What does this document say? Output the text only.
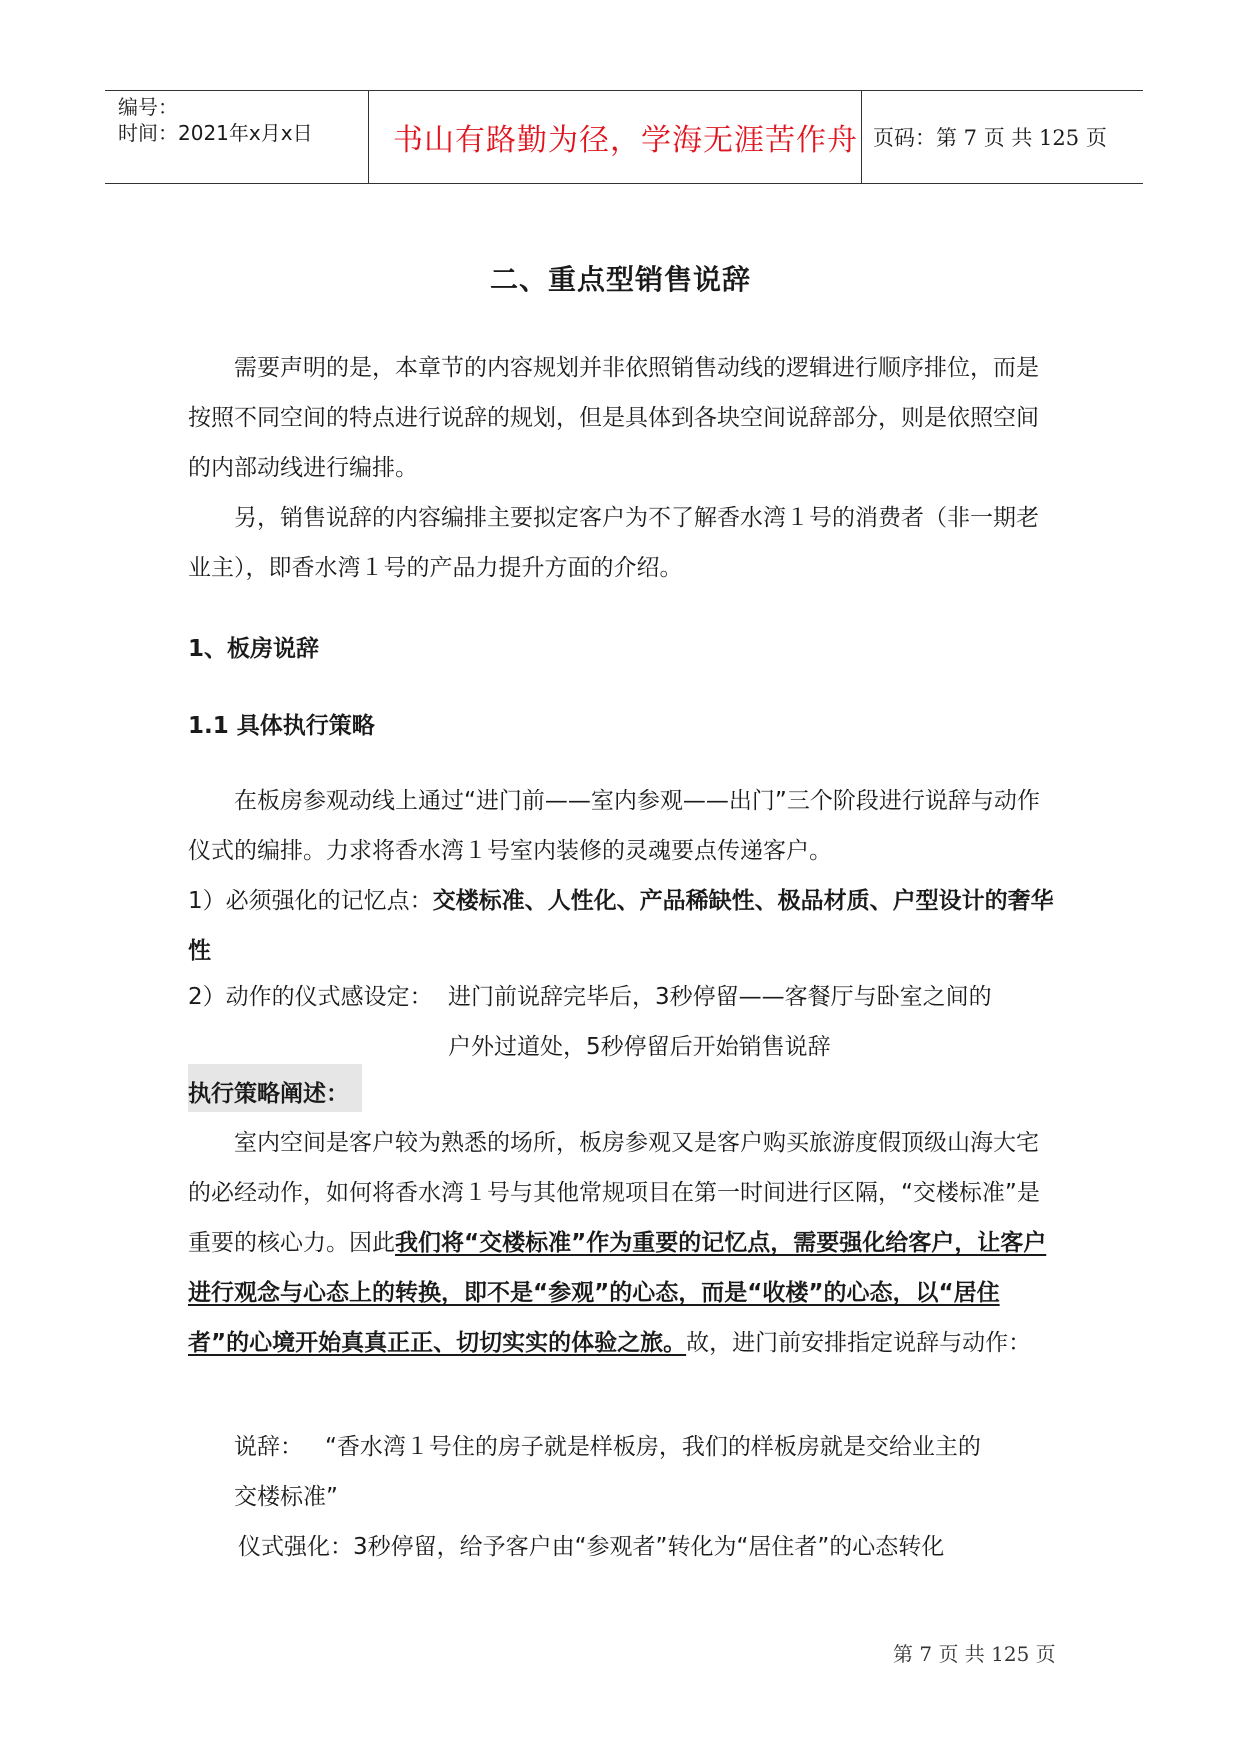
编号：
时间：2021年x月x日	书山有路勤为径，学海无涯苦作舟 页码：第 7 页 共 125 页
二、重点型销售说辞
需要声明的是，本章节的内容规划并非依照销售动线的逻辑进行顺序排位，而是按照不同空间的特点进行说辞的规划，但是具体到各块空间说辞部分，则是依照空间的内部动线进行编排。
另，销售说辞的内容编排主要拟定客户为不了解香水湾１号的消费者（非一期老业主），即香水湾１号的产品力提升方面的介绍。
1、板房说辞
1.1 具体执行策略
在板房参观动线上通过“进门前——室内参观——出门”三个阶段进行说辞与动作仪式的编排。力求将香水湾１号室内装修的灵魂要点传递客户。
1）必须强化的记忆点：交楼标准、人性化、产品稀缺性、极品材质、户型设计的奢华性
2）动作的仪式感设定： 进门前说辞完毕后，3秒停留——客餐厅与卧室之间的
户外过道处，5秒停留后开始销售说辞
执行策略阐述：
室内空间是客户较为熟悉的场所，板房参观又是客户购买旅游度假顶级山海大宅的必经动作，如何将香水湾１号与其他常规项目在第一时间进行区隔，“交楼标准”是重要的核心力。因此我们将“交楼标准”作为重要的记忆点，需要强化给客户，让客户进行观念与心态上的转换，即不是“参观”的心态，而是“收楼”的心态，以“居住者”的心境开始真真正正、切切实实的体验之旅。故，进门前安排指定说辞与动作：
说辞： “香水湾１号住的房子就是样板房，我们的样板房就是交给业主的
交楼标准”
仪式强化：3秒停留，给予客户由“参观者”转化为“居住者”的心态转化
第 7 页 共 125 页
